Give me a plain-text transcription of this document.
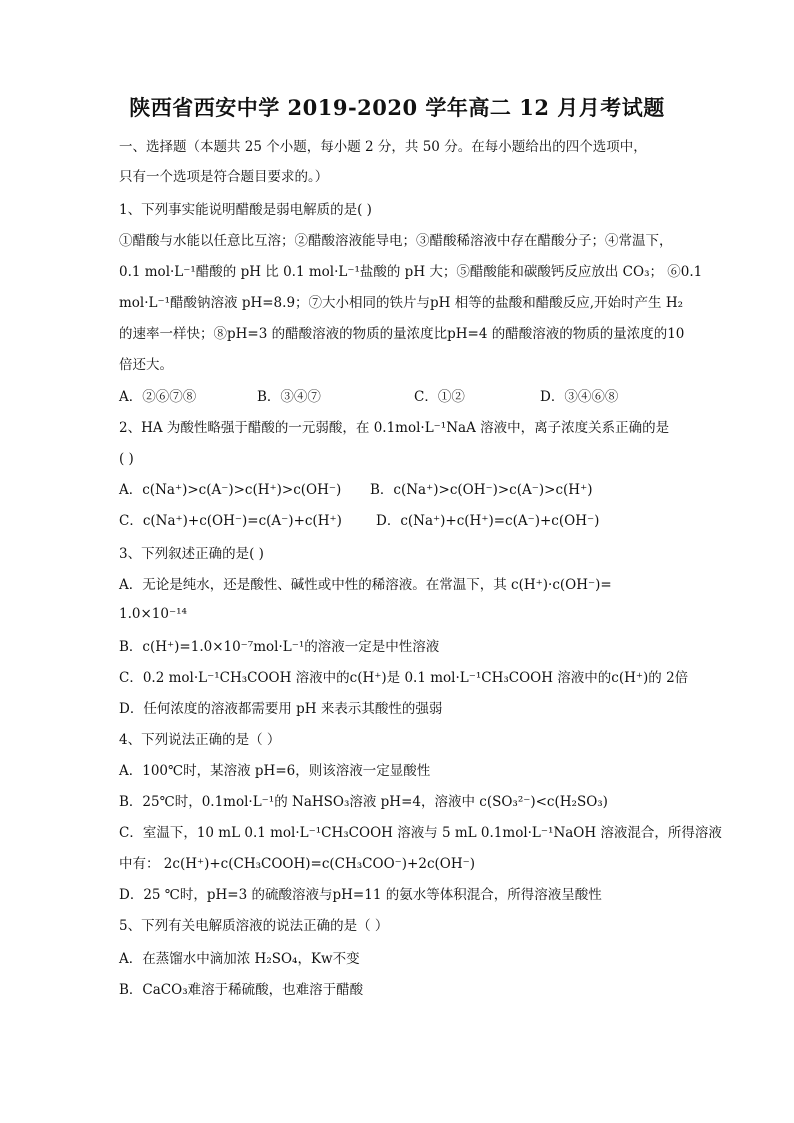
陕西省西安中学 2019-2020 学年高二 12 月月考试题
一、选择题（本题共 25 个小题，每小题 2 分，共 50 分。在每小题给出的四个选项中，
只有一个选项是符合题目要求的。）
1、下列事实能说明醋酸是弱电解质的是( )
①醋酸与水能以任意比互溶；②醋酸溶液能导电；③醋酸稀溶液中存在醋酸分子；④常温下，
0.1 mol·L⁻¹醋酸的 pH 比 0.1 mol·L⁻¹盐酸的 pH 大；⑤醋酸能和碳酸钙反应放出 CO₃； ⑥0.1
mol·L⁻¹醋酸钠溶液 pH=8.9；⑦大小相同的铁片与pH 相等的盐酸和醋酸反应,开始时产生 H₂
的速率一样快；⑧pH=3 的醋酸溶液的物质的量浓度比pH=4 的醋酸溶液的物质的量浓度的10
倍还大。
2、HA 为酸性略强于醋酸的一元弱酸，在 0.1mol·L⁻¹NaA 溶液中，离子浓度关系正确的是
( )
3、下列叙述正确的是( )
A．无论是纯水，还是酸性、碱性或中性的稀溶液。在常温下，其 c(H⁺)·c(OH⁻)=
1.0×10⁻¹⁴
B．c(H⁺)=1.0×10⁻⁷mol·L⁻¹的溶液一定是中性溶液
C．0.2 mol·L⁻¹CH₃COOH 溶液中的c(H⁺)是 0.1 mol·L⁻¹CH₃COOH 溶液中的c(H⁺)的 2倍
D．任何浓度的溶液都需要用 pH 来表示其酸性的强弱
4、下列说法正确的是（ ）
A．100℃时，某溶液 pH=6，则该溶液一定显酸性
B．25℃时，0.1mol·L⁻¹的 NaHSO₃溶液 pH=4，溶液中 c(SO₃²⁻)<c(H₂SO₃)
C．室温下，10 mL 0.1 mol·L⁻¹CH₃COOH 溶液与 5 mL 0.1mol·L⁻¹NaOH 溶液混合，所得溶液
中有： 2c(H⁺)+c(CH₃COOH)=c(CH₃COO⁻)+2c(OH⁻)
D．25 ℃时，pH=3 的硫酸溶液与pH=11 的氨水等体积混合，所得溶液呈酸性
5、下列有关电解质溶液的说法正确的是（ ）
A．在蒸馏水中滴加浓 H₂SO₄，Kw不变
B．CaCO₃难溶于稀硫酸，也难溶于醋酸
A．②⑥⑦⑧	B．③④⑦	C．①②	D．③④⑥⑧
A．c(Na⁺)>c(A⁻)>c(H⁺)>c(OH⁻) B．c(Na⁺)>c(OH⁻)>c(A⁻)>c(H⁺)
C．c(Na⁺)+c(OH⁻)=c(A⁻)+c(H⁺)	D．c(Na⁺)+c(H⁺)=c(A⁻)+c(OH⁻)
